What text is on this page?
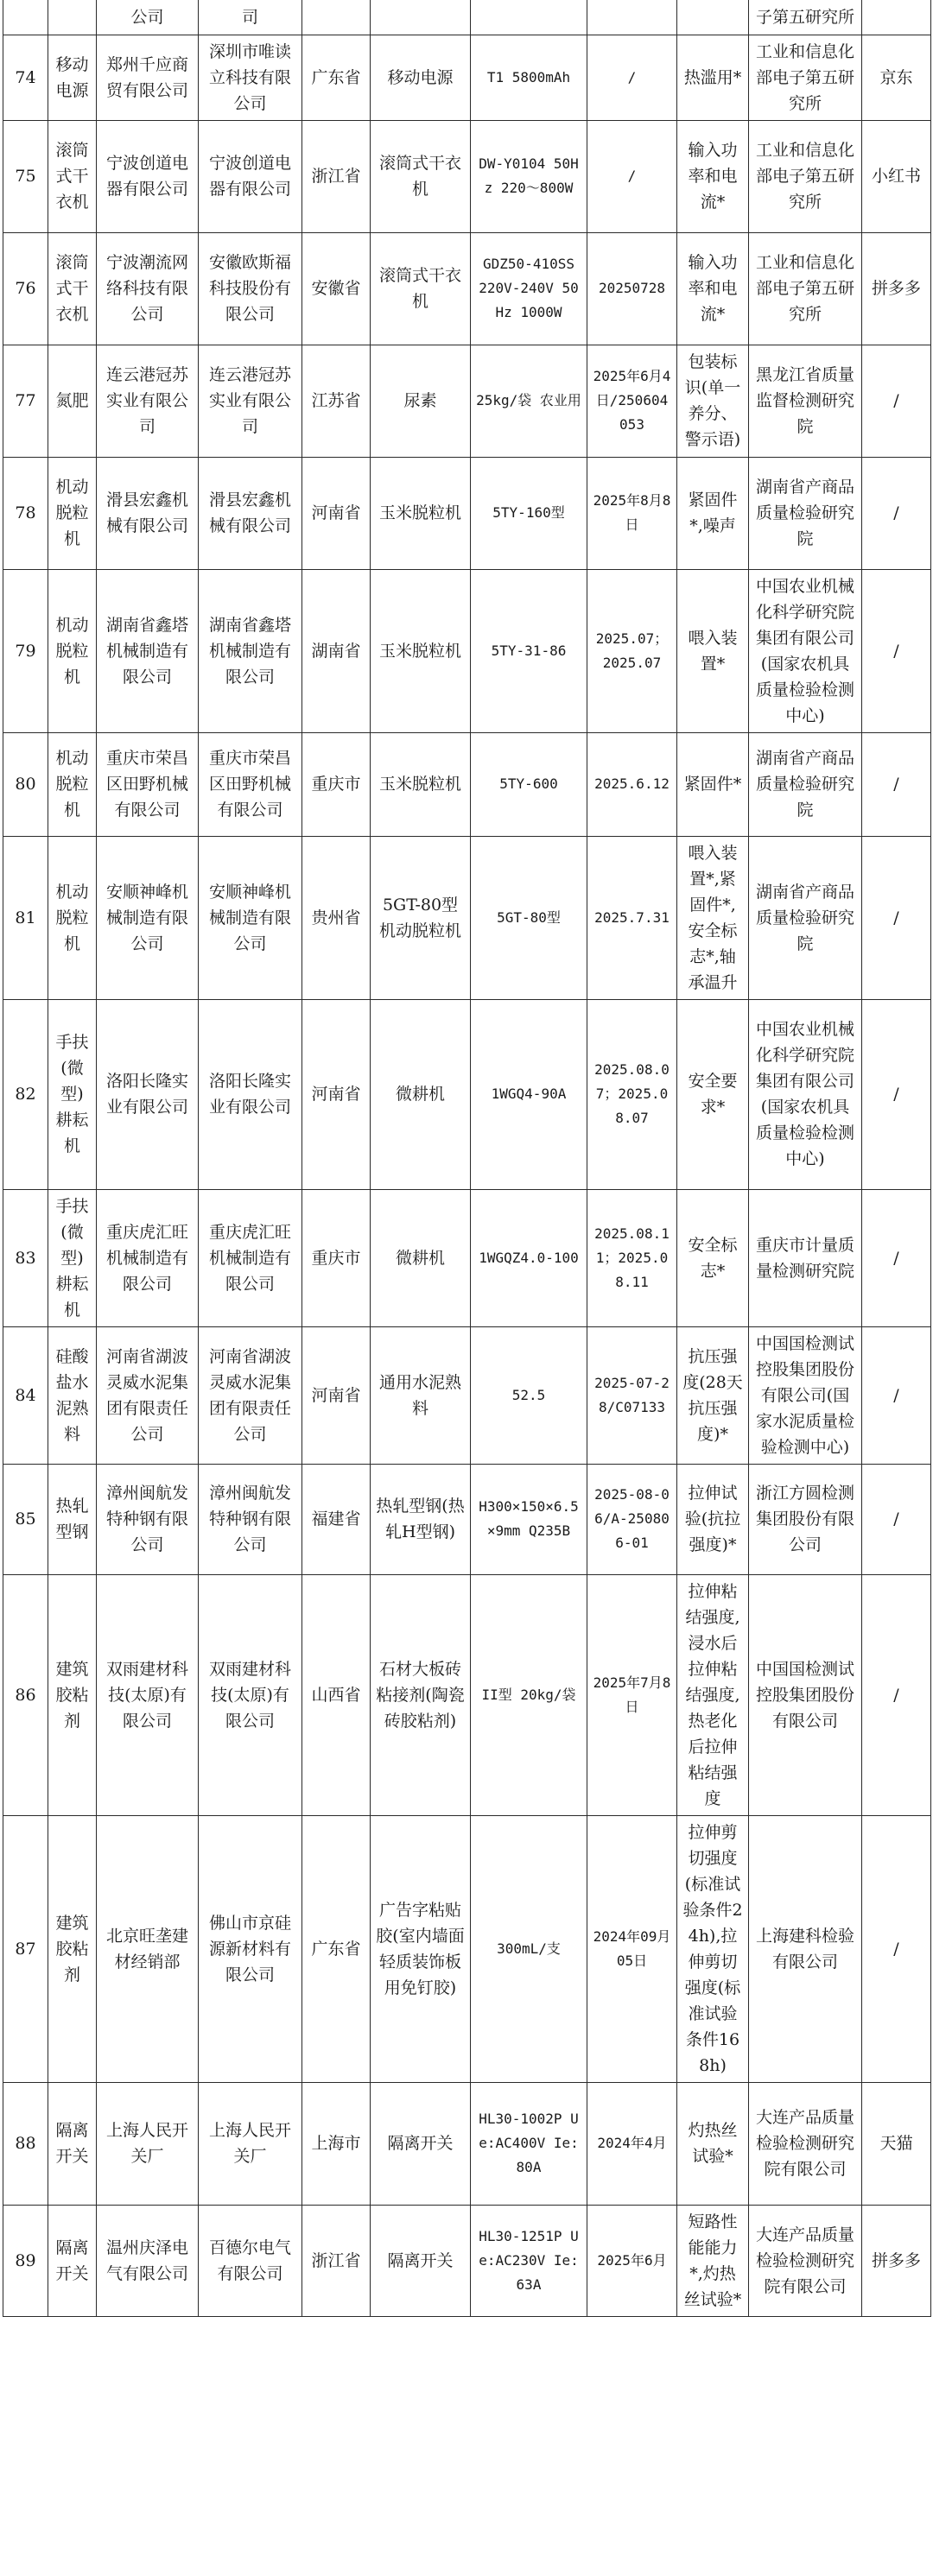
		公司	司						子第五研究所	
74	移动电源	郑州千应商贸有限公司	深圳市唯读立科技有限公司	广东省	移动电源	T1 5800mAh	/	热滥用*	工业和信息化部电子第五研究所	京东
75	滚筒式干衣机	宁波创道电器有限公司	宁波创道电器有限公司	浙江省	滚筒式干衣机	DW-Y0104 50Hz 220～800W	/	输入功率和电流*	工业和信息化部电子第五研究所	小红书
76	滚筒式干衣机	宁波潮流网络科技有限公司	安徽欧斯福科技股份有限公司	安徽省	滚筒式干衣机	GDZ50-410SS 220V-240V 50Hz 1000W	20250728	输入功率和电流*	工业和信息化部电子第五研究所	拼多多
77	氮肥	连云港冠苏实业有限公司	连云港冠苏实业有限公司	江苏省	尿素	25kg/袋 农业用	2025年6月4日/250604053	包装标识(单一养分、警示语)	黑龙江省质量监督检测研究院	/
78	机动脱粒机	滑县宏鑫机械有限公司	滑县宏鑫机械有限公司	河南省	玉米脱粒机	5TY-160型	2025年8月8日	紧固件*,噪声	湖南省产商品质量检验研究院	/
79	机动脱粒机	湖南省鑫塔机械制造有限公司	湖南省鑫塔机械制造有限公司	湖南省	玉米脱粒机	5TY-31-86	2025.07；2025.07	喂入装置*	中国农业机械化科学研究院集团有限公司(国家农机具质量检验检测中心)	/
80	机动脱粒机	重庆市荣昌区田野机械有限公司	重庆市荣昌区田野机械有限公司	重庆市	玉米脱粒机	5TY-600	2025.6.12	紧固件*	湖南省产商品质量检验研究院	/
81	机动脱粒机	安顺神峰机械制造有限公司	安顺神峰机械制造有限公司	贵州省	5GT-80型机动脱粒机	5GT-80型	2025.7.31	喂入装置*,紧固件*,安全标志*,轴承温升	湖南省产商品质量检验研究院	/
82	手扶(微型)耕耘机	洛阳长隆实业有限公司	洛阳长隆实业有限公司	河南省	微耕机	1WGQ4-90A	2025.08.07；2025.08.07	安全要求*	中国农业机械化科学研究院集团有限公司(国家农机具质量检验检测中心)	/
83	手扶(微型)耕耘机	重庆虎汇旺机械制造有限公司	重庆虎汇旺机械制造有限公司	重庆市	微耕机	1WGQZ4.0-100	2025.08.11；2025.08.11	安全标志*	重庆市计量质量检测研究院	/
84	硅酸盐水泥熟料	河南省湖波灵威水泥集团有限责任公司	河南省湖波灵威水泥集团有限责任公司	河南省	通用水泥熟料	52.5	2025-07-28/C07133	抗压强度(28天抗压强度)*	中国国检测试控股集团股份有限公司(国家水泥质量检验检测中心)	/
85	热轧型钢	漳州闽航发特种钢有限公司	漳州闽航发特种钢有限公司	福建省	热轧型钢(热轧H型钢)	H300×150×6.5×9mm Q235B	2025-08-06/A-250806-01	拉伸试验(抗拉强度)*	浙江方圆检测集团股份有限公司	/
86	建筑胶粘剂	双雨建材科技(太原)有限公司	双雨建材科技(太原)有限公司	山西省	石材大板砖粘接剂(陶瓷砖胶粘剂)	II型 20kg/袋	2025年7月8日	拉伸粘结强度,浸水后拉伸粘结强度,热老化后拉伸粘结强度	中国国检测试控股集团股份有限公司	/
87	建筑胶粘剂	北京旺垄建材经销部	佛山市京硅源新材料有限公司	广东省	广告字粘贴胶(室内墙面轻质装饰板用免钉胶)	300mL/支	2024年09月05日	拉伸剪切强度(标准试验条件24h),拉伸剪切强度(标准试验条件168h)	上海建科检验有限公司	/
88	隔离开关	上海人民开关厂	上海人民开关厂	上海市	隔离开关	HL30-1002P Ue:AC400V Ie:80A	2024年4月	灼热丝试验*	大连产品质量检验检测研究院有限公司	天猫
89	隔离开关	温州庆泽电气有限公司	百德尔电气有限公司	浙江省	隔离开关	HL30-1251P Ue:AC230V Ie:63A	2025年6月	短路性能能力*,灼热丝试验*	大连产品质量检验检测研究院有限公司	拼多多
